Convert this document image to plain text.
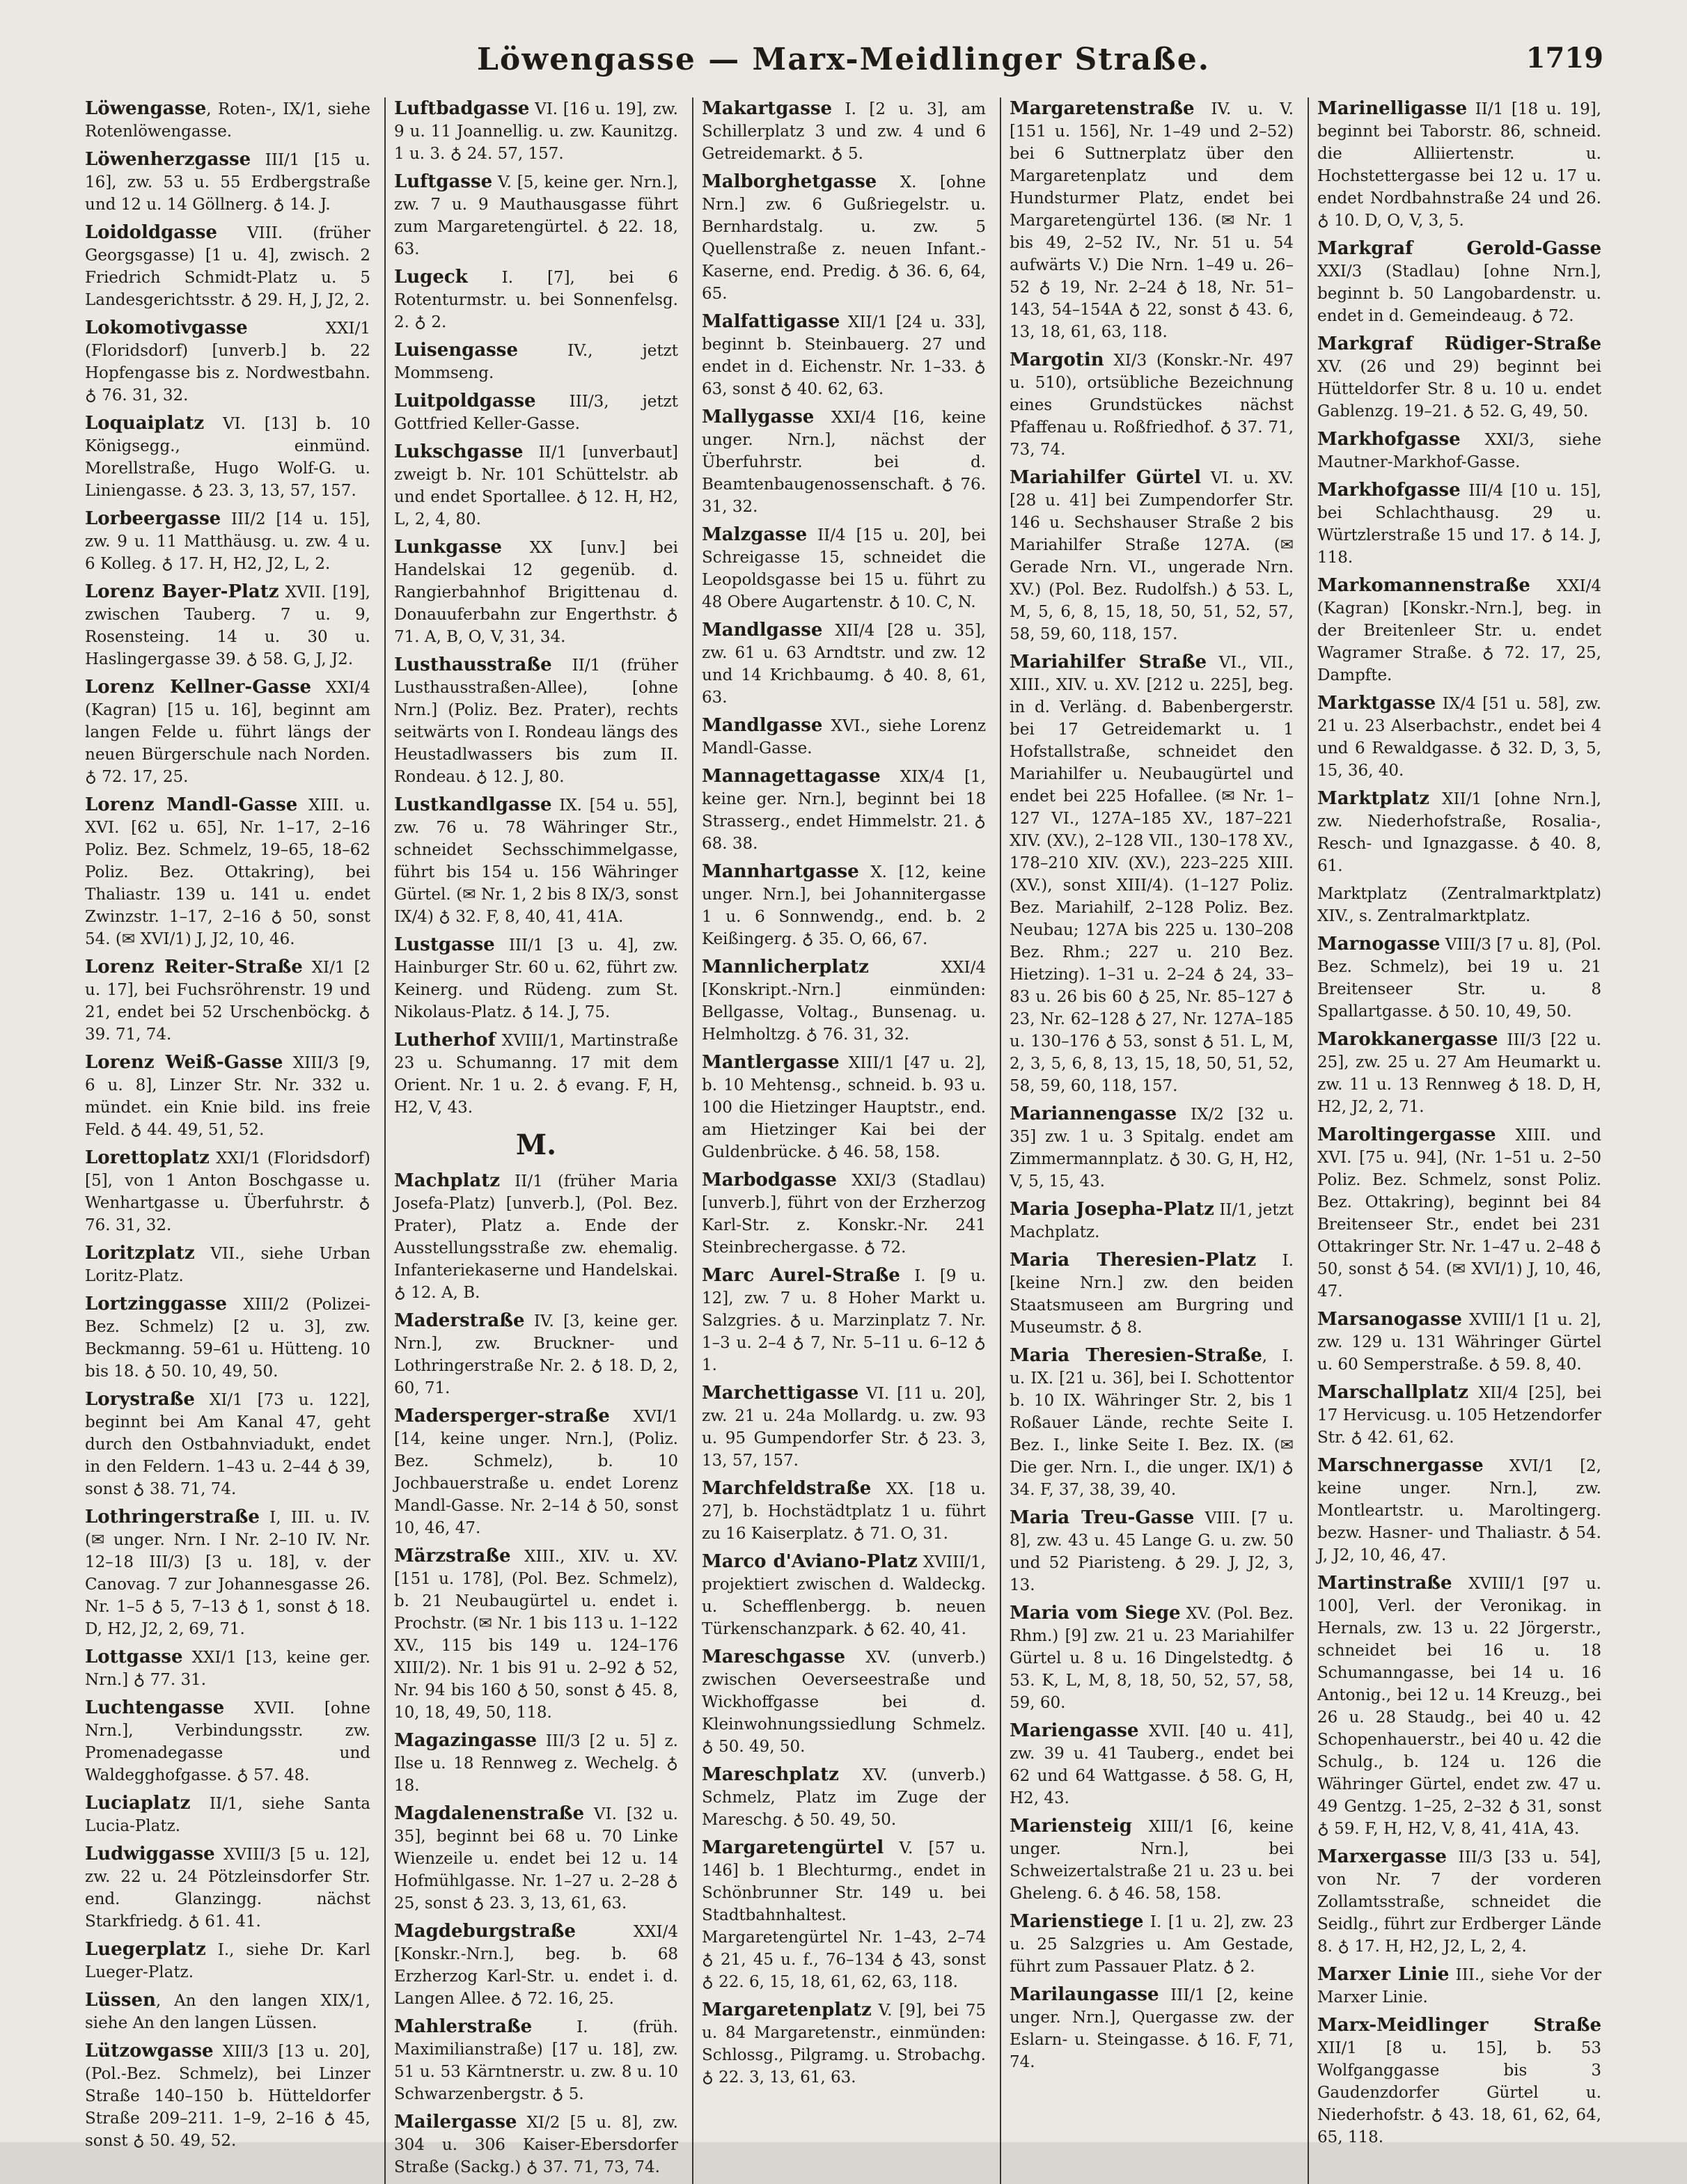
Löwengasse — Marx-Meidlinger Straße.	1719
Löwengasse, Roten-, IX/1, siehe Rotenlöwengasse.
Löwenherzgasse III/1 [15 u. 16], zw. 53 u. 55 Erdbergstraße und 12 u. 14 Göllnerg. ♁ 14. J.
Loidoldgasse VIII. (früher Georgsgasse) [1 u. 4], zwisch. 2 Friedrich Schmidt-Platz u. 5 Landesgerichtsstr. ♁ 29. H, J, J2, 2.
Lokomotivgasse XXI/1 (Floridsdorf) [unverb.] b. 22 Hopfengasse bis z. Nordwestbahn. ♁ 76. 31, 32.
Loquaiplatz VI. [13] b. 10 Königsegg., einmünd. Morellstraße, Hugo Wolf-G. u. Liniengasse. ♁ 23. 3, 13, 57, 157.
Lorbeergasse III/2 [14 u. 15], zw. 9 u. 11 Matthäusg. u. zw. 4 u. 6 Kolleg. ♁ 17. H, H2, J2, L, 2.
Lorenz Bayer-Platz XVII. [19], zwischen Tauberg. 7 u. 9, Rosensteing. 14 u. 30 u. Haslingergasse 39. ♁ 58. G, J, J2.
Lorenz Kellner-Gasse XXI/4 (Kagran) [15 u. 16], beginnt am langen Felde u. führt längs der neuen Bürgerschule nach Norden. ♁ 72. 17, 25.
Lorenz Mandl-Gasse XIII. u. XVI. [62 u. 65], Nr. 1–17, 2–16 Poliz. Bez. Schmelz, 19–65, 18–62 Poliz. Bez. Ottakring), bei Thaliastr. 139 u. 141 u. endet Zwinzstr. 1–17, 2–16 ♁ 50, sonst 54. (✉ XVI/1) J, J2, 10, 46.
Lorenz Reiter-Straße XI/1 [2 u. 17], bei Fuchsröhrenstr. 19 und 21, endet bei 52 Urschenböckg. ♁ 39. 71, 74.
Lorenz Weiß-Gasse XIII/3 [9, 6 u. 8], Linzer Str. Nr. 332 u. mündet. ein Knie bild. ins freie Feld. ♁ 44. 49, 51, 52.
Lorettoplatz XXI/1 (Floridsdorf) [5], von 1 Anton Boschgasse u. Wenhartgasse u. Überfuhrstr. ♁ 76. 31, 32.
Loritzplatz VII., siehe Urban Loritz-Platz.
Lortzinggasse XIII/2 (Polizei-Bez. Schmelz) [2 u. 3], zw. Beckmanng. 59–61 u. Hütteng. 10 bis 18. ♁ 50. 10, 49, 50.
Lorystraße XI/1 [73 u. 122], beginnt bei Am Kanal 47, geht durch den Ostbahnviadukt, endet in den Feldern. 1–43 u. 2–44 ♁ 39, sonst ♁ 38. 71, 74.
Lothringerstraße I, III. u. IV. (✉ unger. Nrn. I Nr. 2–10 IV. Nr. 12–18 III/3) [3 u. 18], v. der Canovag. 7 zur Johannesgasse 26. Nr. 1–5 ♁ 5, 7–13 ♁ 1, sonst ♁ 18. D, H2, J2, 2, 69, 71.
Lottgasse XXI/1 [13, keine ger. Nrn.] ♁ 77. 31.
Luchtengasse XVII. [ohne Nrn.], Verbindungsstr. zw. Promenadegasse und Waldegghofgasse. ♁ 57. 48.
Luciaplatz II/1, siehe Santa Lucia-Platz.
Ludwiggasse XVIII/3 [5 u. 12], zw. 22 u. 24 Pötzleinsdorfer Str. end. Glanzingg. nächst Starkfriedg. ♁ 61. 41.
Luegerplatz I., siehe Dr. Karl Lueger-Platz.
Lüssen, An den langen XIX/1, siehe An den langen Lüssen.
Lützowgasse XIII/3 [13 u. 20], (Pol.-Bez. Schmelz), bei Linzer Straße 140–150 b. Hütteldorfer Straße 209–211. 1–9, 2–16 ♁ 45, sonst ♁ 50. 49, 52.
Luftbadgasse VI. [16 u. 19], zw. 9 u. 11 Joannellig. u. zw. Kaunitzg. 1 u. 3. ♁ 24. 57, 157.
Luftgasse V. [5, keine ger. Nrn.], zw. 7 u. 9 Mauthausgasse führt zum Margaretengürtel. ♁ 22. 18, 63.
Lugeck I. [7], bei 6 Rotenturmstr. u. bei Sonnenfelsg. 2. ♁ 2.
Luisengasse IV., jetzt Mommseng.
Luitpoldgasse III/3, jetzt Gottfried Keller-Gasse.
Lukschgasse II/1 [unverbaut] zweigt b. Nr. 101 Schüttelstr. ab und endet Sportallee. ♁ 12. H, H2, L, 2, 4, 80.
Lunkgasse XX [unv.] bei Handelskai 12 gegenüb. d. Rangierbahnhof Brigittenau d. Donauuferbahn zur Engerthstr. ♁ 71. A, B, O, V, 31, 34.
Lusthausstraße II/1 (früher Lusthausstraßen-Allee), [ohne Nrn.] (Poliz. Bez. Prater), rechts seitwärts von I. Rondeau längs des Heustadlwassers bis zum II. Rondeau. ♁ 12. J, 80.
Lustkandlgasse IX. [54 u. 55], zw. 76 u. 78 Währinger Str., schneidet Sechsschimmelgasse, führt bis 154 u. 156 Währinger Gürtel. (✉ Nr. 1, 2 bis 8 IX/3, sonst IX/4) ♁ 32. F, 8, 40, 41, 41A.
Lustgasse III/1 [3 u. 4], zw. Hainburger Str. 60 u. 62, führt zw. Keinerg. und Rüdeng. zum St. Nikolaus-Platz. ♁ 14. J, 75.
Lutherhof XVIII/1, Martinstraße 23 u. Schumanng. 17 mit dem Orient. Nr. 1 u. 2. ♁ evang. F, H, H2, V, 43.
M.
Machplatz II/1 (früher Maria Josefa-Platz) [unverb.], (Pol. Bez. Prater), Platz a. Ende der Ausstellungsstraße zw. ehemalig. Infanteriekaserne und Handelskai. ♁ 12. A, B.
Maderstraße IV. [3, keine ger. Nrn.], zw. Bruckner- und Lothringerstraße Nr. 2. ♁ 18. D, 2, 60, 71.
Madersperger-straße XVI/1 [14, keine unger. Nrn.], (Poliz. Bez. Schmelz), b. 10 Jochbauerstraße u. endet Lorenz Mandl-Gasse. Nr. 2–14 ♁ 50, sonst 10, 46, 47.
Märzstraße XIII., XIV. u. XV. [151 u. 178], (Pol. Bez. Schmelz), b. 21 Neubaugürtel u. endet i. Prochstr. (✉ Nr. 1 bis 113 u. 1–122 XV., 115 bis 149 u. 124–176 XIII/2). Nr. 1 bis 91 u. 2–92 ♁ 52, Nr. 94 bis 160 ♁ 50, sonst ♁ 45. 8, 10, 18, 49, 50, 118.
Magazingasse III/3 [2 u. 5] z. Ilse u. 18 Rennweg z. Wechelg. ♁ 18.
Magdalenenstraße VI. [32 u. 35], beginnt bei 68 u. 70 Linke Wienzeile u. endet bei 12 u. 14 Hofmühlgasse. Nr. 1–27 u. 2–28 ♁ 25, sonst ♁ 23. 3, 13, 61, 63.
Magdeburgstraße XXI/4 [Konskr.-Nrn.], beg. b. 68 Erzherzog Karl-Str. u. endet i. d. Langen Allee. ♁ 72. 16, 25.
Mahlerstraße I. (früh. Maximilianstraße) [17 u. 18], zw. 51 u. 53 Kärntnerstr. u. zw. 8 u. 10 Schwarzenbergstr. ♁ 5.
Mailergasse XI/2 [5 u. 8], zw. 304 u. 306 Kaiser-Ebersdorfer Straße (Sackg.) ♁ 37. 71, 73, 74.
Makartgasse I. [2 u. 3], am Schillerplatz 3 und zw. 4 und 6 Getreidemarkt. ♁ 5.
Malborghetgasse X. [ohne Nrn.] zw. 6 Gußriegelstr. u. Bernhardstalg. u. zw. 5 Quellenstraße z. neuen Infant.-Kaserne, end. Predig. ♁ 36. 6, 64, 65.
Malfattigasse XII/1 [24 u. 33], beginnt b. Steinbauerg. 27 und endet in d. Eichenstr. Nr. 1–33. ♁ 63, sonst ♁ 40. 62, 63.
Mallygasse XXI/4 [16, keine unger. Nrn.], nächst der Überfuhrstr. bei d. Beamtenbaugenossenschaft. ♁ 76. 31, 32.
Malzgasse II/4 [15 u. 20], bei Schreigasse 15, schneidet die Leopoldsgasse bei 15 u. führt zu 48 Obere Augartenstr. ♁ 10. C, N.
Mandlgasse XII/4 [28 u. 35], zw. 61 u. 63 Arndtstr. und zw. 12 und 14 Krichbaumg. ♁ 40. 8, 61, 63.
Mandlgasse XVI., siehe Lorenz Mandl-Gasse.
Mannagettagasse XIX/4 [1, keine ger. Nrn.], beginnt bei 18 Strasserg., endet Himmelstr. 21. ♁ 68. 38.
Mannhartgasse X. [12, keine unger. Nrn.], bei Johannitergasse 1 u. 6 Sonnwendg., end. b. 2 Keißingerg. ♁ 35. O, 66, 67.
Mannlicherplatz XXI/4 [Konskript.-Nrn.] einmünden: Bellgasse, Voltag., Bunsenag. u. Helmholtzg. ♁ 76. 31, 32.
Mantlergasse XIII/1 [47 u. 2], b. 10 Mehtensg., schneid. b. 93 u. 100 die Hietzinger Hauptstr., end. am Hietzinger Kai bei der Guldenbrücke. ♁ 46. 58, 158.
Marbodgasse XXI/3 (Stadlau) [unverb.], führt von der Erzherzog Karl-Str. z. Konskr.-Nr. 241 Steinbrechergasse. ♁ 72.
Marc Aurel-Straße I. [9 u. 12], zw. 7 u. 8 Hoher Markt u. Salzgries. ♁ u. Marzinplatz 7. Nr. 1–3 u. 2–4 ♁ 7, Nr. 5–11 u. 6–12 ♁ 1.
Marchettigasse VI. [11 u. 20], zw. 21 u. 24a Mollardg. u. zw. 93 u. 95 Gumpendorfer Str. ♁ 23. 3, 13, 57, 157.
Marchfeldstraße XX. [18 u. 27], b. Hochstädtplatz 1 u. führt zu 16 Kaiserplatz. ♁ 71. O, 31.
Marco d'Aviano-Platz XVIII/1, projektiert zwischen d. Waldeckg. u. Schefflenbergg. b. neuen Türkenschanzpark. ♁ 62. 40, 41.
Mareschgasse XV. (unverb.) zwischen Oeverseestraße und Wickhoffgasse bei d. Kleinwohnungssiedlung Schmelz. ♁ 50. 49, 50.
Mareschplatz XV. (unverb.) Schmelz, Platz im Zuge der Mareschg. ♁ 50. 49, 50.
Margaretengürtel V. [57 u. 146] b. 1 Blechturmg., endet in Schönbrunner Str. 149 u. bei Stadtbahnhaltest. Margaretengürtel Nr. 1–43, 2–74 ♁ 21, 45 u. f., 76–134 ♁ 43, sonst ♁ 22. 6, 15, 18, 61, 62, 63, 118.
Margaretenplatz V. [9], bei 75 u. 84 Margaretenstr., einmünden: Schlossg., Pilgramg. u. Strobachg. ♁ 22. 3, 13, 61, 63.
Margaretenstraße IV. u. V. [151 u. 156], Nr. 1–49 und 2–52) bei 6 Suttnerplatz über den Margaretenplatz und dem Hundsturmer Platz, endet bei Margaretengürtel 136. (✉ Nr. 1 bis 49, 2–52 IV., Nr. 51 u. 54 aufwärts V.) Die Nrn. 1–49 u. 26–52 ♁ 19, Nr. 2–24 ♁ 18, Nr. 51–143, 54–154A ♁ 22, sonst ♁ 43. 6, 13, 18, 61, 63, 118.
Margotin XI/3 (Konskr.-Nr. 497 u. 510), ortsübliche Bezeichnung eines Grundstückes nächst Pfaffenau u. Roßfriedhof. ♁ 37. 71, 73, 74.
Mariahilfer Gürtel VI. u. XV. [28 u. 41] bei Zumpendorfer Str. 146 u. Sechshauser Straße 2 bis Mariahilfer Straße 127A. (✉ Gerade Nrn. VI., ungerade Nrn. XV.) (Pol. Bez. Rudolfsh.) ♁ 53. L, M, 5, 6, 8, 15, 18, 50, 51, 52, 57, 58, 59, 60, 118, 157.
Mariahilfer Straße VI., VII., XIII., XIV. u. XV. [212 u. 225], beg. in d. Verläng. d. Babenbergerstr. bei 17 Getreidemarkt u. 1 Hofstallstraße, schneidet den Mariahilfer u. Neubaugürtel und endet bei 225 Hofallee. (✉ Nr. 1–127 VI., 127A–185 XV., 187–221 XIV. (XV.), 2–128 VII., 130–178 XV., 178–210 XIV. (XV.), 223–225 XIII. (XV.), sonst XIII/4). (1–127 Poliz. Bez. Mariahilf, 2–128 Poliz. Bez. Neubau; 127A bis 225 u. 130–208 Bez. Rhm.; 227 u. 210 Bez. Hietzing). 1–31 u. 2–24 ♁ 24, 33–83 u. 26 bis 60 ♁ 25, Nr. 85–127 ♁ 23, Nr. 62–128 ♁ 27, Nr. 127A–185 u. 130–176 ♁ 53, sonst ♁ 51. L, M, 2, 3, 5, 6, 8, 13, 15, 18, 50, 51, 52, 58, 59, 60, 118, 157.
Mariannengasse IX/2 [32 u. 35] zw. 1 u. 3 Spitalg. endet am Zimmermannplatz. ♁ 30. G, H, H2, V, 5, 15, 43.
Maria Josepha-Platz II/1, jetzt Machplatz.
Maria Theresien-Platz I. [keine Nrn.] zw. den beiden Staatsmuseen am Burgring und Museumstr. ♁ 8.
Maria Theresien-Straße, I. u. IX. [21 u. 36], bei I. Schottentor b. 10 IX. Währinger Str. 2, bis 1 Roßauer Lände, rechte Seite I. Bez. I., linke Seite I. Bez. IX. (✉ Die ger. Nrn. I., die unger. IX/1) ♁ 34. F, 37, 38, 39, 40.
Maria Treu-Gasse VIII. [7 u. 8], zw. 43 u. 45 Lange G. u. zw. 50 und 52 Piaristeng. ♁ 29. J, J2, 3, 13.
Maria vom Siege XV. (Pol. Bez. Rhm.) [9] zw. 21 u. 23 Mariahilfer Gürtel u. 8 u. 16 Dingelstedtg. ♁ 53. K, L, M, 8, 18, 50, 52, 57, 58, 59, 60.
Mariengasse XVII. [40 u. 41], zw. 39 u. 41 Tauberg., endet bei 62 und 64 Wattgasse. ♁ 58. G, H, H2, 43.
Mariensteig XIII/1 [6, keine unger. Nrn.], bei Schweizertalstraße 21 u. 23 u. bei Gheleng. 6. ♁ 46. 58, 158.
Marienstiege I. [1 u. 2], zw. 23 u. 25 Salzgries u. Am Gestade, führt zum Passauer Platz. ♁ 2.
Marilaungasse III/1 [2, keine unger. Nrn.], Quergasse zw. der Eslarn- u. Steingasse. ♁ 16. F, 71, 74.
Marinelligasse II/1 [18 u. 19], beginnt bei Taborstr. 86, schneid. die Alliiertenstr. u. Hochstettergasse bei 12 u. 17 u. endet Nordbahnstraße 24 und 26. ♁ 10. D, O, V, 3, 5.
Markgraf Gerold-Gasse XXI/3 (Stadlau) [ohne Nrn.], beginnt b. 50 Langobardenstr. u. endet in d. Gemeindeaug. ♁ 72.
Markgraf Rüdiger-Straße XV. (26 und 29) beginnt bei Hütteldorfer Str. 8 u. 10 u. endet Gablenzg. 19–21. ♁ 52. G, 49, 50.
Markhofgasse XXI/3, siehe Mautner-Markhof-Gasse.
Markhofgasse III/4 [10 u. 15], bei Schlachthausg. 29 u. Würtzlerstraße 15 und 17. ♁ 14. J, 118.
Markomannenstraße XXI/4 (Kagran) [Konskr.-Nrn.], beg. in der Breitenleer Str. u. endet Wagramer Straße. ♁ 72. 17, 25, Dampfte.
Marktgasse IX/4 [51 u. 58], zw. 21 u. 23 Alserbachstr., endet bei 4 und 6 Rewaldgasse. ♁ 32. D, 3, 5, 15, 36, 40.
Marktplatz XII/1 [ohne Nrn.], zw. Niederhofstraße, Rosalia-, Resch- und Ignazgasse. ♁ 40. 8, 61.
Marktplatz (Zentralmarktplatz) XIV., s. Zentralmarktplatz.
Marnogasse VIII/3 [7 u. 8], (Pol. Bez. Schmelz), bei 19 u. 21 Breitenseer Str. u. 8 Spallartgasse. ♁ 50. 10, 49, 50.
Marokkanergasse III/3 [22 u. 25], zw. 25 u. 27 Am Heumarkt u. zw. 11 u. 13 Rennweg ♁ 18. D, H, H2, J2, 2, 71.
Maroltingergasse XIII. und XVI. [75 u. 94], (Nr. 1–51 u. 2–50 Poliz. Bez. Schmelz, sonst Poliz. Bez. Ottakring), beginnt bei 84 Breitenseer Str., endet bei 231 Ottakringer Str. Nr. 1–47 u. 2–48 ♁ 50, sonst ♁ 54. (✉ XVI/1) J, 10, 46, 47.
Marsanogasse XVIII/1 [1 u. 2], zw. 129 u. 131 Währinger Gürtel u. 60 Semperstraße. ♁ 59. 8, 40.
Marschallplatz XII/4 [25], bei 17 Hervicusg. u. 105 Hetzendorfer Str. ♁ 42. 61, 62.
Marschnergasse XVI/1 [2, keine unger. Nrn.], zw. Montleartstr. u. Maroltingerg. bezw. Hasner- und Thaliastr. ♁ 54. J, J2, 10, 46, 47.
Martinstraße XVIII/1 [97 u. 100], Verl. der Veronikag. in Hernals, zw. 13 u. 22 Jörgerstr., schneidet bei 16 u. 18 Schumanngasse, bei 14 u. 16 Antonig., bei 12 u. 14 Kreuzg., bei 26 u. 28 Staudg., bei 40 u. 42 Schopenhauerstr., bei 40 u. 42 die Schulg., b. 124 u. 126 die Währinger Gürtel, endet zw. 47 u. 49 Gentzg. 1–25, 2–32 ♁ 31, sonst ♁ 59. F, H, H2, V, 8, 41, 41A, 43.
Marxergasse III/3 [33 u. 54], von Nr. 7 der vorderen Zollamtsstraße, schneidet die Seidlg., führt zur Erdberger Lände 8. ♁ 17. H, H2, J2, L, 2, 4.
Marxer Linie III., siehe Vor der Marxer Linie.
Marx-Meidlinger Straße XII/1 [8 u. 15], b. 53 Wolfganggasse bis 3 Gaudenzdorfer Gürtel u. Niederhofstr. ♁ 43. 18, 61, 62, 64, 65, 118.
